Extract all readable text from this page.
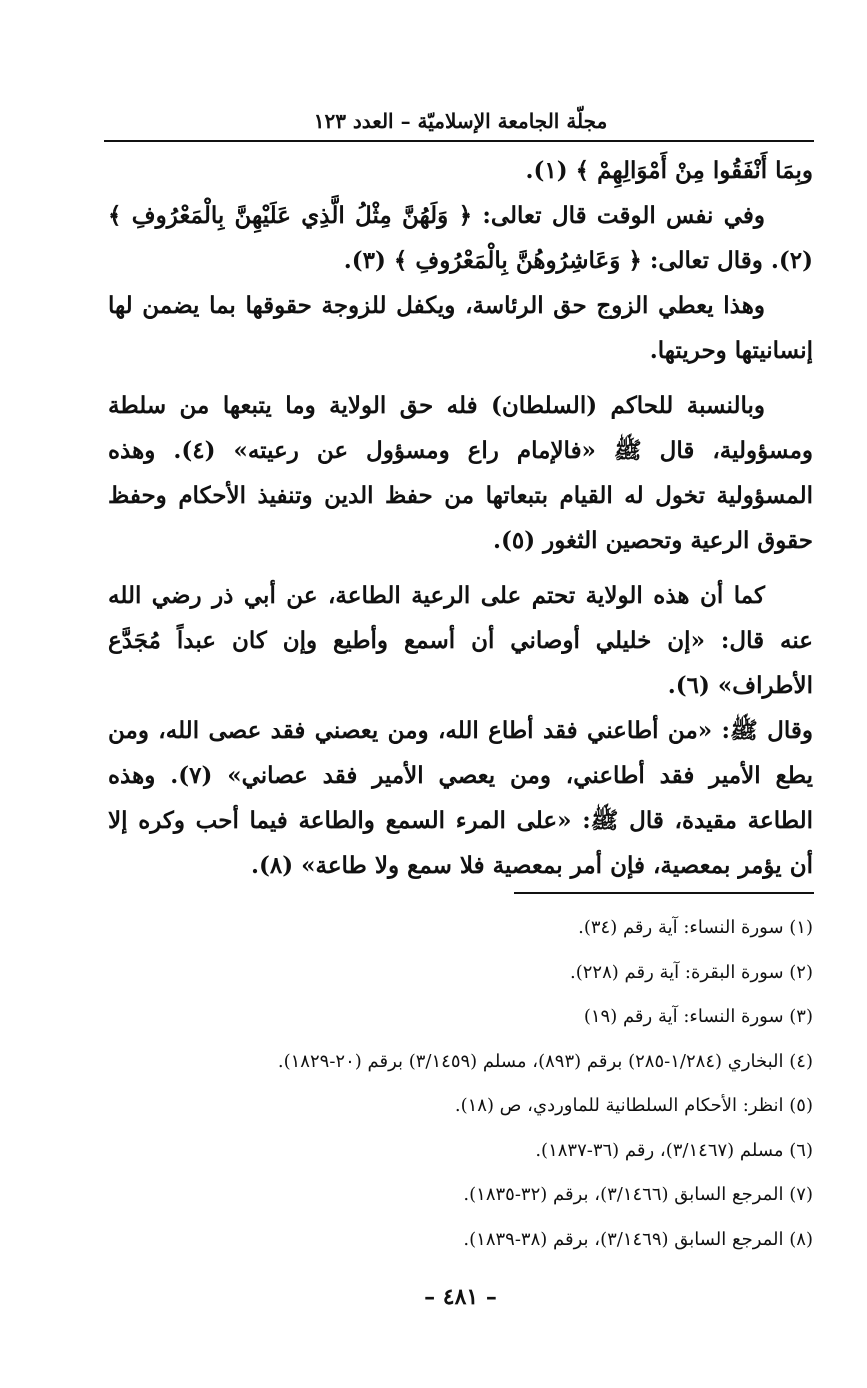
مجلّة الجامعة الإسلاميّة – العدد ١٢٣

وبِمَا أَنْفَقُوا مِنْ أَمْوَالِهِمْ ﴾ (١).

وفي نفس الوقت قال تعالى: ﴿ وَلَهُنَّ مِثْلُ الَّذِي عَلَيْهِنَّ بِالْمَعْرُوفِ ﴾ (٢). وقال تعالى: ﴿ وَعَاشِرُوهُنَّ بِالْمَعْرُوفِ ﴾ (٣).

وهذا يعطي الزوج حق الرئاسة، ويكفل للزوجة حقوقها بما يضمن لها إنسانيتها وحريتها.

وبالنسبة للحاكم (السلطان) فله حق الولاية وما يتبعها من سلطة ومسؤولية، قال ﷺ «فالإمام راع ومسؤول عن رعيته» (٤). وهذه المسؤولية تخول له القيام بتبعاتها من حفظ الدين وتنفيذ الأحكام وحفظ حقوق الرعية وتحصين الثغور (٥).

كما أن هذه الولاية تحتم على الرعية الطاعة، عن أبي ذر رضي الله عنه قال: «إن خليلي أوصاني أن أسمع وأطيع وإن كان عبداً مُجَدَّع الأطراف» (٦).

وقال ﷺ: «من أطاعني فقد أطاع الله، ومن يعصني فقد عصى الله، ومن يطع الأمير فقد أطاعني، ومن يعصي الأمير فقد عصاني» (٧). وهذه الطاعة مقيدة، قال ﷺ: «على المرء السمع والطاعة فيما أحب وكره إلا أن يؤمر بمعصية، فإن أمر بمعصية فلا سمع ولا طاعة» (٨).

(١) سورة النساء: آية رقم (٣٤).
(٢) سورة البقرة: آية رقم (٢٢٨).
(٣) سورة النساء: آية رقم (١٩)
(٤) البخاري (١/٢٨٤-٢٨٥) برقم (٨٩٣)، مسلم (٣/١٤٥٩) برقم (٢٠-١٨٢٩).
(٥) انظر: الأحكام السلطانية للماوردي، ص (١٨).
(٦) مسلم (٣/١٤٦٧)، رقم (٣٦-١٨٣٧).
(٧) المرجع السابق (٣/١٤٦٦)، برقم (٣٢-١٨٣٥).
(٨) المرجع السابق (٣/١٤٦٩)، برقم (٣٨-١٨٣٩).
– ٤٨١ –
